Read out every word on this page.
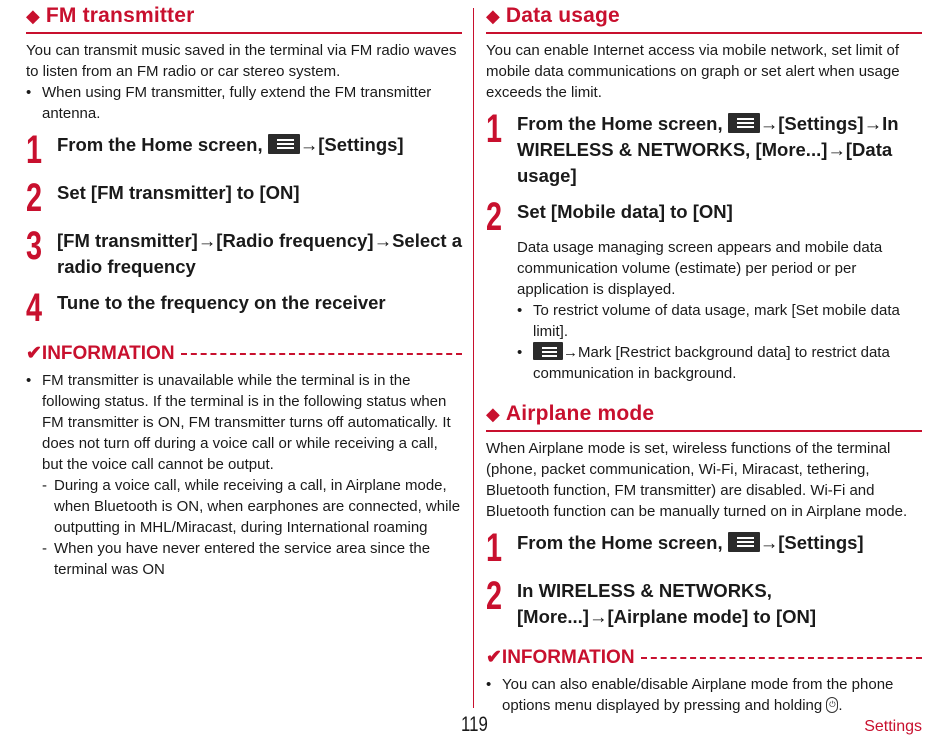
◆ FM transmitter

You can transmit music saved in the terminal via FM radio waves to listen from an FM radio or car stereo system.

• When using FM transmitter, fully extend the FM transmitter antenna.
1 From the Home screen, →[Settings]
2 Set [FM transmitter] to [ON]
3 [FM transmitter]→[Radio frequency]→Select a radio frequency
4 Tune to the frequency on the receiver
✔INFORMATION
• FM transmitter is unavailable while the terminal is in the following status. If the terminal is in the following status when FM transmitter is ON, FM transmitter turns off automatically. It does not turn off during a voice call or while receiving a call, but the voice call cannot be output.
- During a voice call, while receiving a call, in Airplane mode, when Bluetooth is ON, when earphones are connected, while outputting in MHL/Miracast, during International roaming
- When you have never entered the service area since the terminal was ON
◆ Data usage

You can enable Internet access via mobile network, set limit of mobile data communications on graph or set alert when usage exceeds the limit.

1 From the Home screen, →[Settings]→In WIRELESS & NETWORKS, [More...]→[Data usage]
2 Set [Mobile data] to [ON]

Data usage managing screen appears and mobile data communication volume (estimate) per period or per application is displayed.

• To restrict volume of data usage, mark [Set mobile data limit].
•	→Mark [Restrict background data] to restrict data communication in background.
◆ Airplane mode

When Airplane mode is set, wireless functions of the terminal (phone, packet communication, Wi-Fi, Miracast, tethering, Bluetooth function, FM transmitter) are disabled. Wi-Fi and Bluetooth function can be manually turned on in Airplane mode.

1 From the Home screen, →[Settings]
2 In WIRELESS & NETWORKS, [More...]→[Airplane mode] to [ON]
✔INFORMATION
• You can also enable/disable Airplane mode from the phone options menu displayed by pressing and holding ⏻.
119	Settings
